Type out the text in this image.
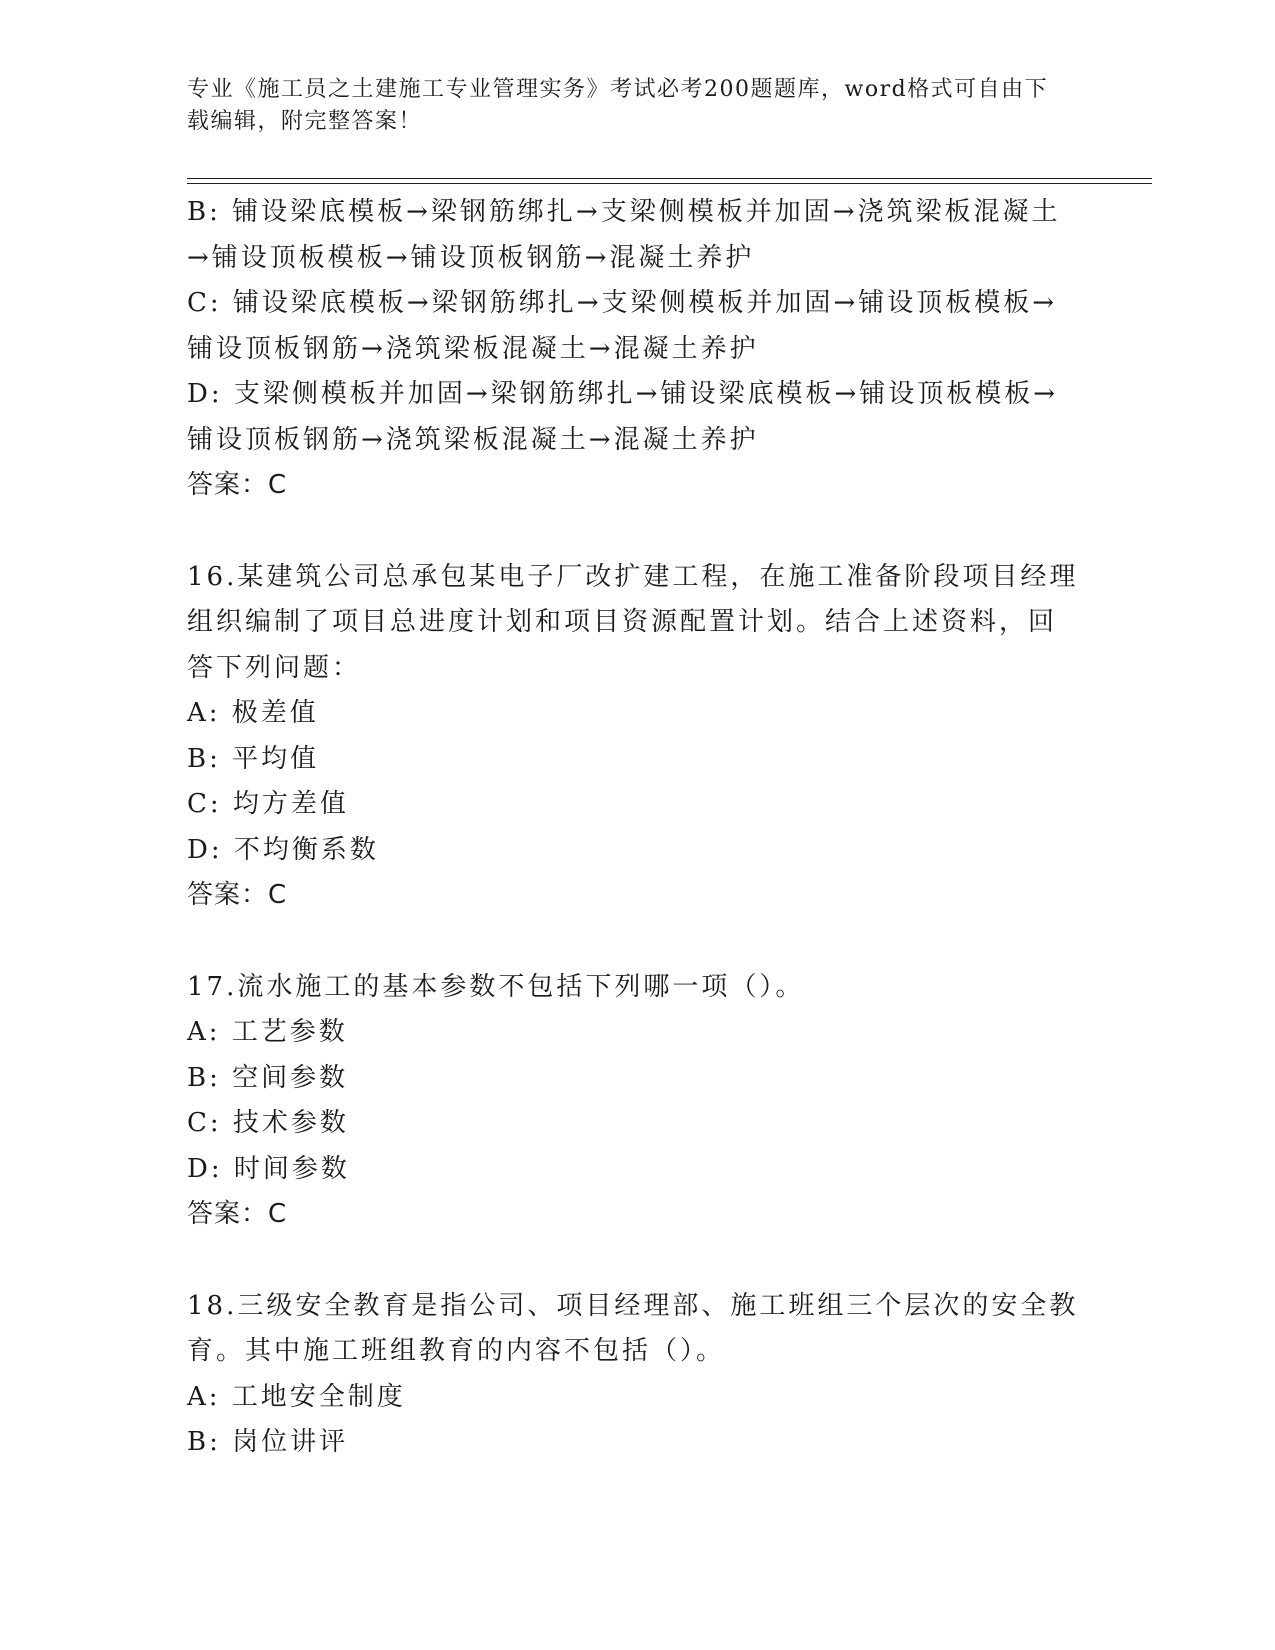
专业《施工员之土建施工专业管理实务》考试必考200题题库，word格式可自由下载编辑，附完整答案！
B: 铺设梁底模板→梁钢筋绑扎→支梁侧模板并加固→浇筑梁板混凝土
→铺设顶板模板→铺设顶板钢筋→混凝土养护
C: 铺设梁底模板→梁钢筋绑扎→支梁侧模板并加固→铺设顶板模板→
铺设顶板钢筋→浇筑梁板混凝土→混凝土养护
D: 支梁侧模板并加固→梁钢筋绑扎→铺设梁底模板→铺设顶板模板→
铺设顶板钢筋→浇筑梁板混凝土→混凝土养护
答案：C
16.某建筑公司总承包某电子厂改扩建工程，在施工准备阶段项目经理
组织编制了项目总进度计划和项目资源配置计划。结合上述资料，回
答下列问题：
A: 极差值
B: 平均值
C: 均方差值
D: 不均衡系数
答案：C
17.流水施工的基本参数不包括下列哪一项（）。
A: 工艺参数
B: 空间参数
C: 技术参数
D: 时间参数
答案：C
18.三级安全教育是指公司、项目经理部、施工班组三个层次的安全教
育。其中施工班组教育的内容不包括（）。
A: 工地安全制度
B: 岗位讲评
